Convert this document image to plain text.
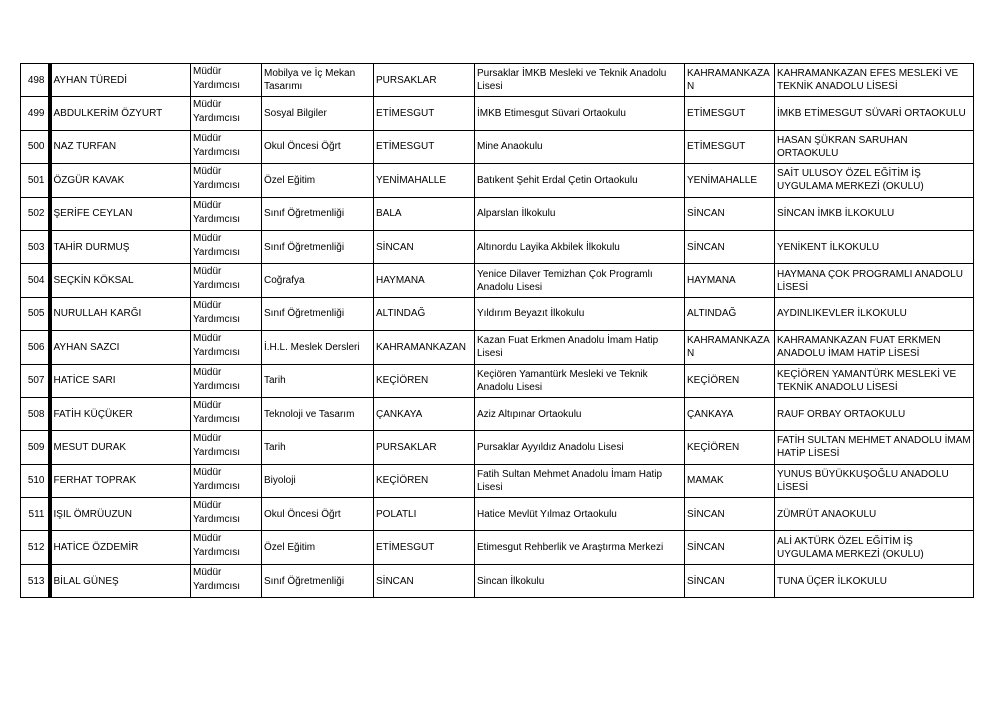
498	AYHAN TÜREDİ	Müdür Yardımcısı	Mobilya ve İç Mekan Tasarımı	PURSAKLAR	Pursaklar İMKB Mesleki ve Teknik Anadolu Lisesi	KAHRAMANKAZAN	KAHRAMANKAZAN EFES MESLEKİ VE TEKNİK ANADOLU LİSESİ
499	ABDULKERİM ÖZYURT	Müdür Yardımcısı	Sosyal Bilgiler	ETİMESGUT	İMKB Etimesgut Süvari Ortaokulu	ETİMESGUT	İMKB ETİMESGUT SÜVARİ ORTAOKULU
500	NAZ TURFAN	Müdür Yardımcısı	Okul Öncesi Öğrt	ETİMESGUT	Mine Anaokulu	ETİMESGUT	HASAN ŞÜKRAN SARUHAN ORTAOKULU
501	ÖZGÜR KAVAK	Müdür Yardımcısı	Özel Eğitim	YENİMAHALLE	Batıkent Şehit Erdal Çetin Ortaokulu	YENİMAHALLE	SAİT ULUSOY ÖZEL EĞİTİM İŞ UYGULAMA MERKEZİ (OKULU)
502	ŞERİFE CEYLAN	Müdür Yardımcısı	Sınıf Öğretmenliği	BALA	Alparslan İlkokulu	SİNCAN	SİNCAN İMKB İLKOKULU
503	TAHİR DURMUŞ	Müdür Yardımcısı	Sınıf Öğretmenliği	SİNCAN	Altınordu Layika Akbilek İlkokulu	SİNCAN	YENİKENT İLKOKULU
504	SEÇKİN KÖKSAL	Müdür Yardımcısı	Coğrafya	HAYMANA	Yenice Dilaver Temizhan Çok Programlı Anadolu Lisesi	HAYMANA	HAYMANA ÇOK PROGRAMLI ANADOLU LİSESİ
505	NURULLAH KARĞI	Müdür Yardımcısı	Sınıf Öğretmenliği	ALTINDAĞ	Yıldırım Beyazıt İlkokulu	ALTINDAĞ	AYDINLIKEVLER İLKOKULU
506	AYHAN SAZCI	Müdür Yardımcısı	İ.H.L. Meslek Dersleri	KAHRAMANKAZAN	Kazan Fuat Erkmen Anadolu İmam Hatip Lisesi	KAHRAMANKAZAN	KAHRAMANKAZAN FUAT ERKMEN ANADOLU İMAM HATİP LİSESİ
507	HATİCE SARI	Müdür Yardımcısı	Tarih	KEÇİÖREN	Keçiören Yamantürk Mesleki ve Teknik Anadolu Lisesi	KEÇİÖREN	KEÇİÖREN YAMANTÜRK MESLEKİ VE TEKNİK ANADOLU LİSESİ
508	FATİH KÜÇÜKER	Müdür Yardımcısı	Teknoloji ve Tasarım	ÇANKAYA	Aziz Altıpınar Ortaokulu	ÇANKAYA	RAUF ORBAY ORTAOKULU
509	MESUT DURAK	Müdür Yardımcısı	Tarih	PURSAKLAR	Pursaklar Ayyıldız Anadolu Lisesi	KEÇİÖREN	FATİH SULTAN MEHMET ANADOLU İMAM HATİP LİSESİ
510	FERHAT TOPRAK	Müdür Yardımcısı	Biyoloji	KEÇİÖREN	Fatih Sultan Mehmet Anadolu İmam Hatip Lisesi	MAMAK	YUNUS BÜYÜKKUŞOĞLU ANADOLU LİSESİ
511	IŞIL ÖMRÜUZUN	Müdür Yardımcısı	Okul Öncesi Öğrt	POLATLI	Hatice Mevlüt Yılmaz Ortaokulu	SİNCAN	ZÜMRÜT ANAOKULU
512	HATİCE ÖZDEMİR	Müdür Yardımcısı	Özel Eğitim	ETİMESGUT	Etimesgut Rehberlik ve Araştırma Merkezi	SİNCAN	ALİ AKTÜRK ÖZEL EĞİTİM İŞ UYGULAMA MERKEZİ (OKULU)
513	BİLAL GÜNEŞ	Müdür Yardımcısı	Sınıf Öğretmenliği	SİNCAN	Sincan İlkokulu	SİNCAN	TUNA ÜÇER İLKOKULU
